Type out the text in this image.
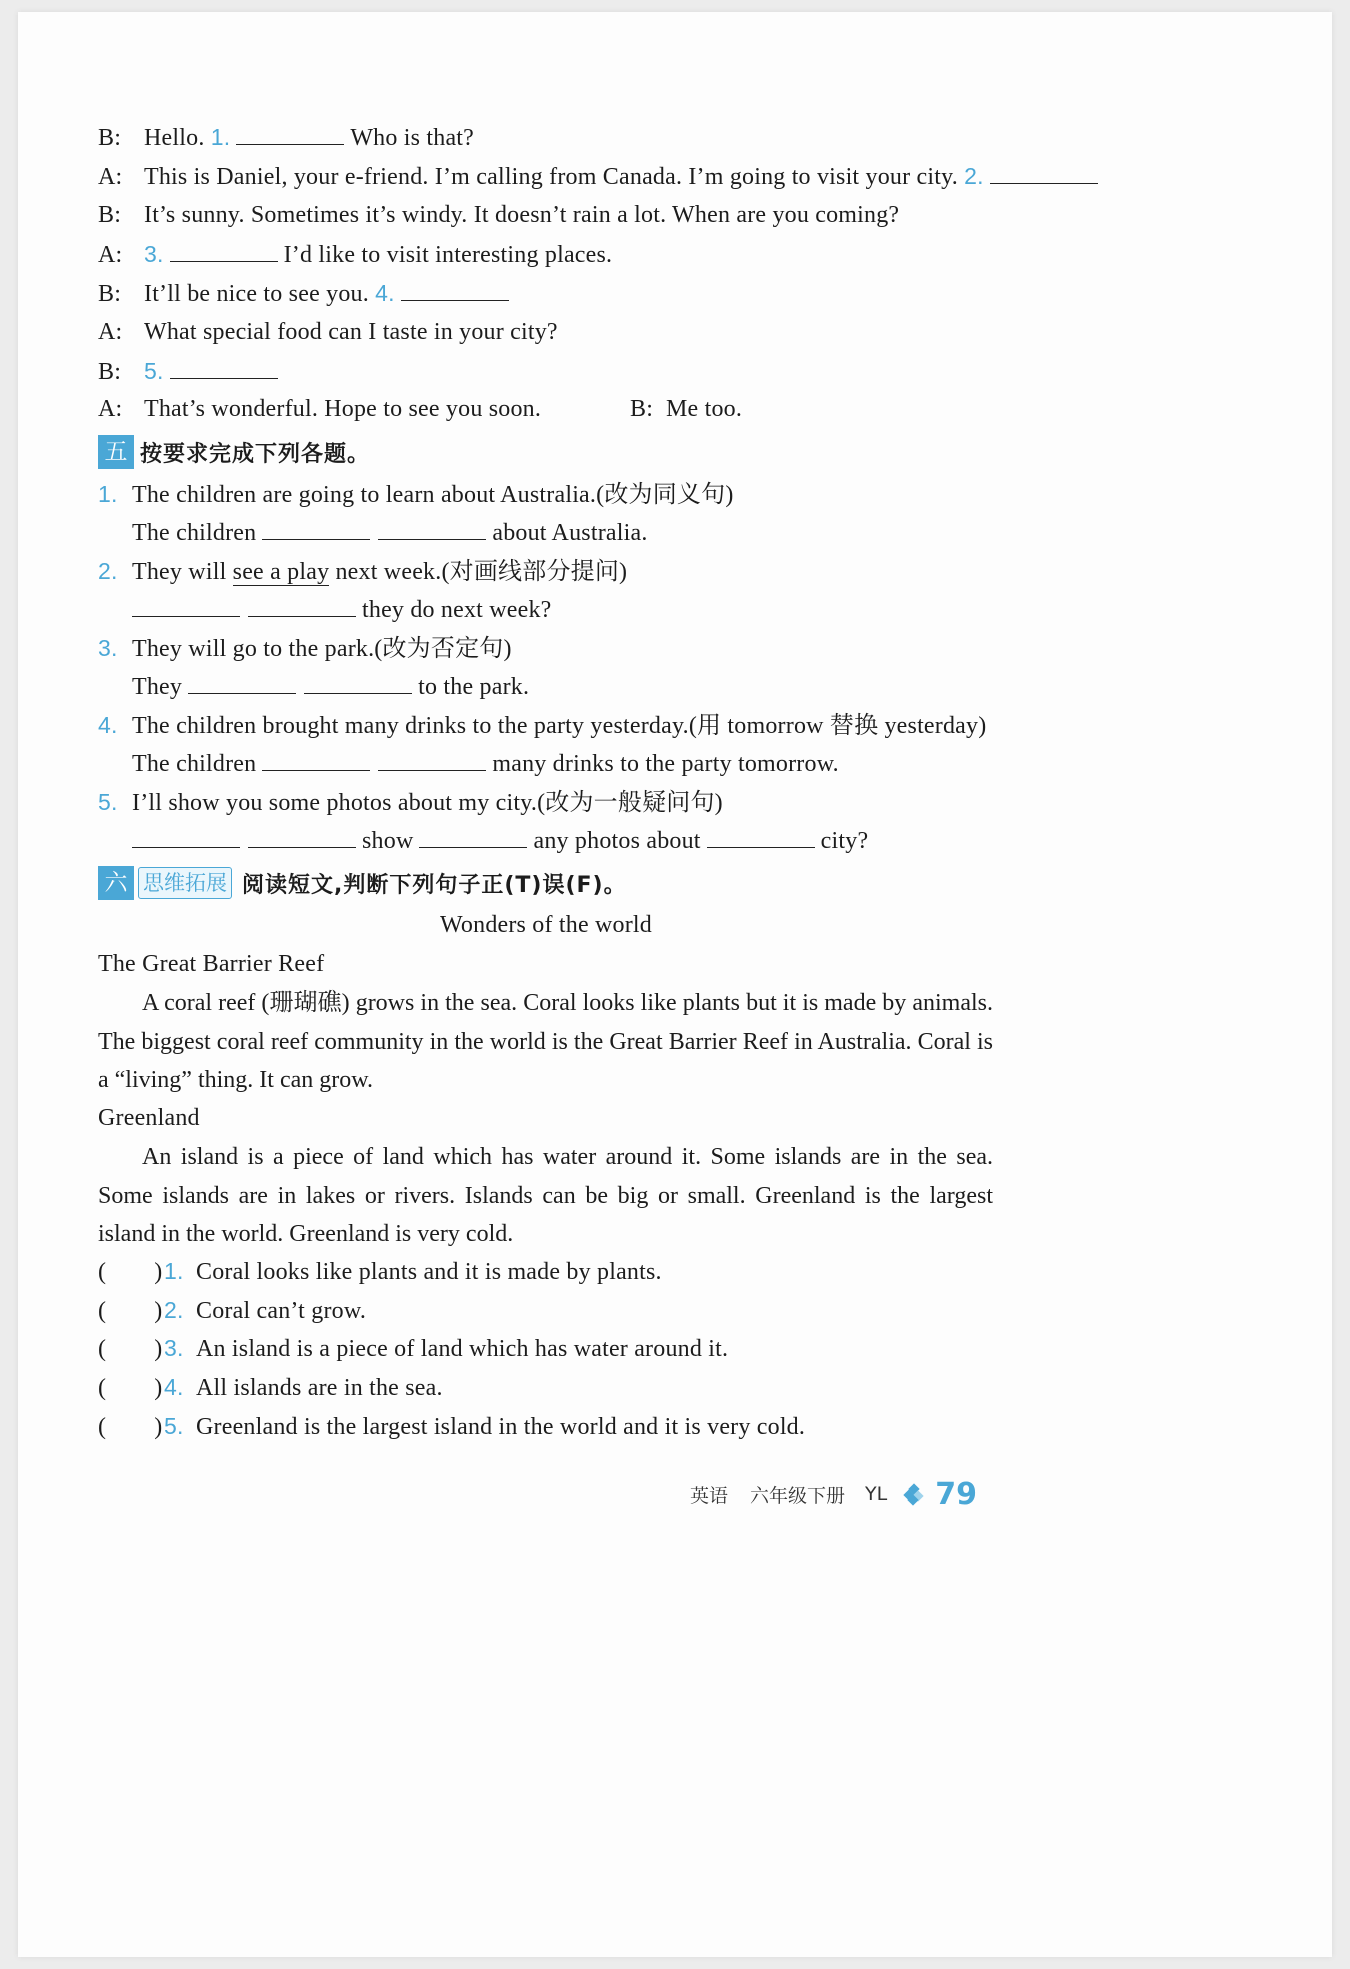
B: Hello. 1.	Who is that?
A: This is Daniel, your e-friend. I’m calling from Canada. I’m going to visit your city. 2.
B: It’s sunny. Sometimes it’s windy. It doesn’t rain a lot. When are you coming?
A: 3.	I’d like to visit interesting places.
B: It’ll be nice to see you. 4.
A: What special food can I taste in your city?
B: 5.
A: That’s wonderful. Hope to see you soon.	B: Me too.
五 按要求完成下列各题。
1. The children are going to learn about Australia.(改为同义句)
The children	about Australia.
2. They will see a play next week.(对画线部分提问)
they do next week?
3. They will go to the park.(改为否定句)
They	to the park.
4. The children brought many drinks to the party yesterday.(用 tomorrow 替换 yesterday)
The children	many drinks to the party tomorrow.
5. I’ll show you some photos about my city.(改为一般疑问句)
show	any photos about	city?
六 思维拓展 阅读短文,判断下列句子正(T)误(F)。
Wonders of the world
The Great Barrier Reef
A coral reef (珊瑚礁) grows in the sea. Coral looks like plants but it is made by animals. The biggest coral reef community in the world is the Great Barrier Reef in Australia. Coral is a “living” thing. It can grow.
Greenland
An island is a piece of land which has water around it. Some islands are in the sea. Some islands are in lakes or rivers. Islands can be big or small. Greenland is the largest island in the world. Greenland is very cold.
( )1. Coral looks like plants and it is made by plants.
( )2. Coral can’t grow.
( )3. An island is a piece of land which has water around it.
( )4. All islands are in the sea.
( )5. Greenland is the largest island in the world and it is very cold.
英语 六年级下册 YL 79
